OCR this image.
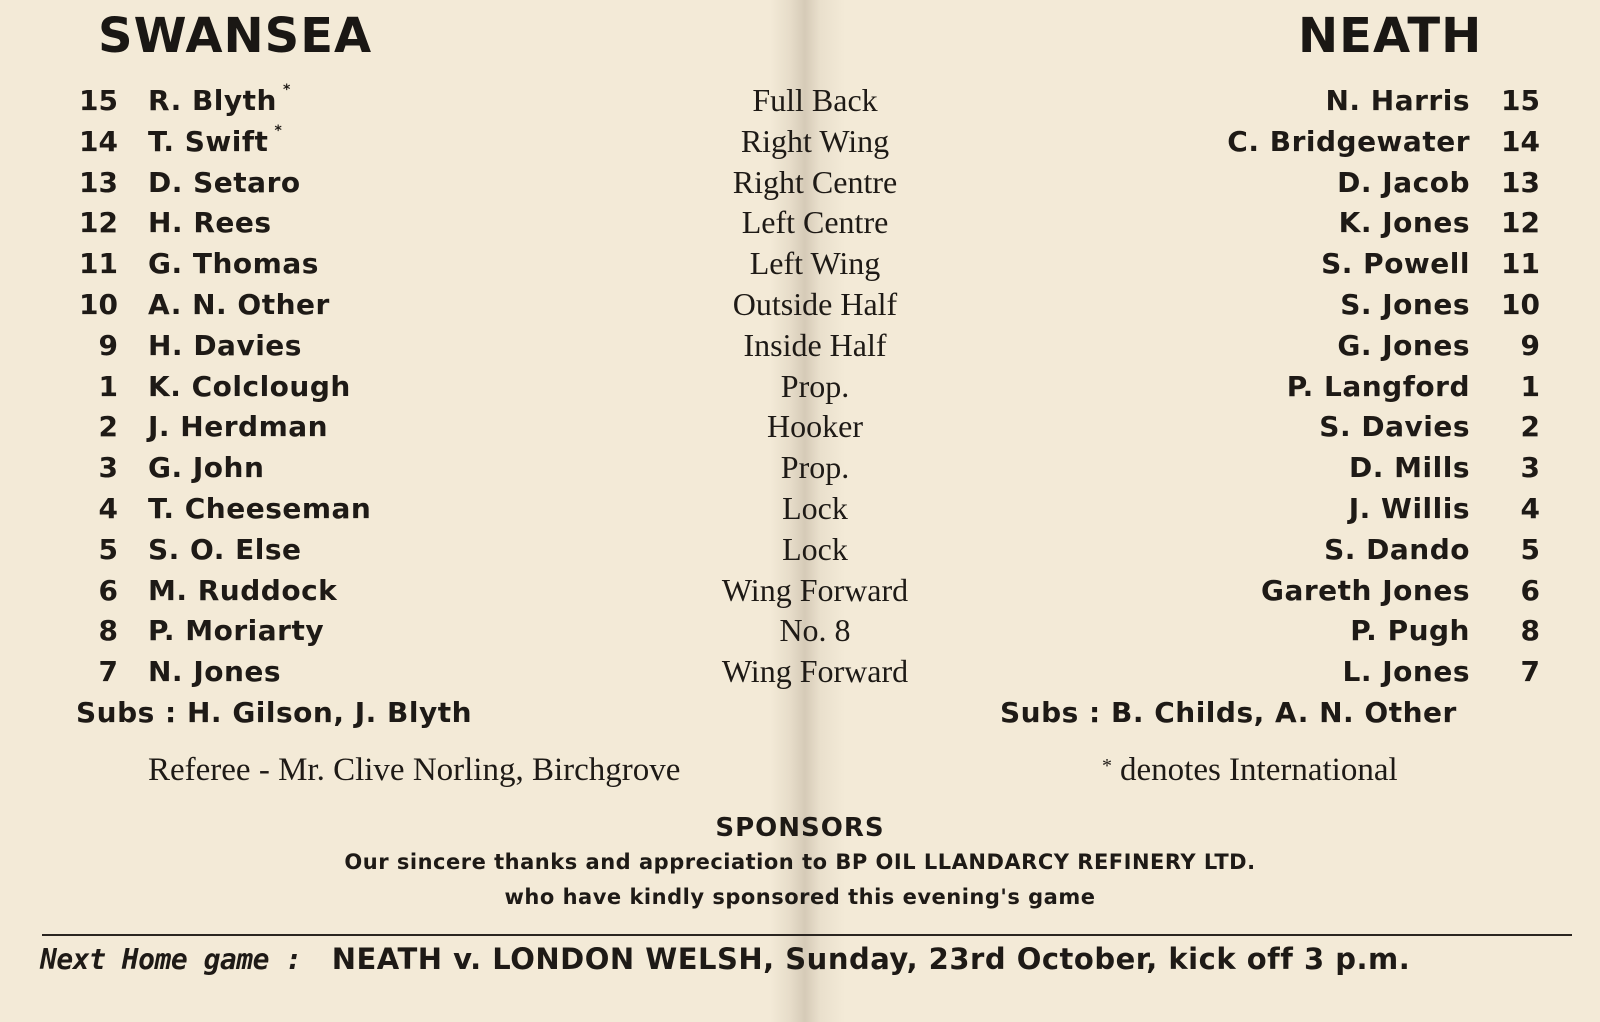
SWANSEA	NEATH
15 R. Blyth *	Full Back	N. Harris	15
14 T. Swift *	Right Wing	C. Bridgewater	14
13 D. Setaro	Right Centre	D. Jacob	13
12 H. Rees	Left Centre	K. Jones	12
11 G. Thomas	Left Wing	S. Powell	11
10 A. N. Other	Outside Half	S. Jones	10
9 H. Davies	Inside Half	G. Jones	9
1 K. Colclough	Prop.	P. Langford	1
2 J. Herdman	Hooker	S. Davies	2
3 G. John	Prop.	D. Mills	3
4 T. Cheeseman	Lock	J. Willis	4
5 S. O. Else	Lock	S. Dando	5
6 M. Ruddock	Wing Forward	Gareth Jones	6
8 P. Moriarty	No. 8	P. Pugh	8
7 N. Jones	Wing Forward	L. Jones	7
Subs : H. Gilson, J. Blyth	Subs : B. Childs, A. N. Other
Referee - Mr. Clive Norling, Birchgrove	* denotes International
SPONSORS
Our sincere thanks and appreciation to BP OIL LLANDARCY REFINERY LTD.
who have kindly sponsored this evening's game
Next Home game : NEATH v. LONDON WELSH, Sunday, 23rd October, kick off 3 p.m.
